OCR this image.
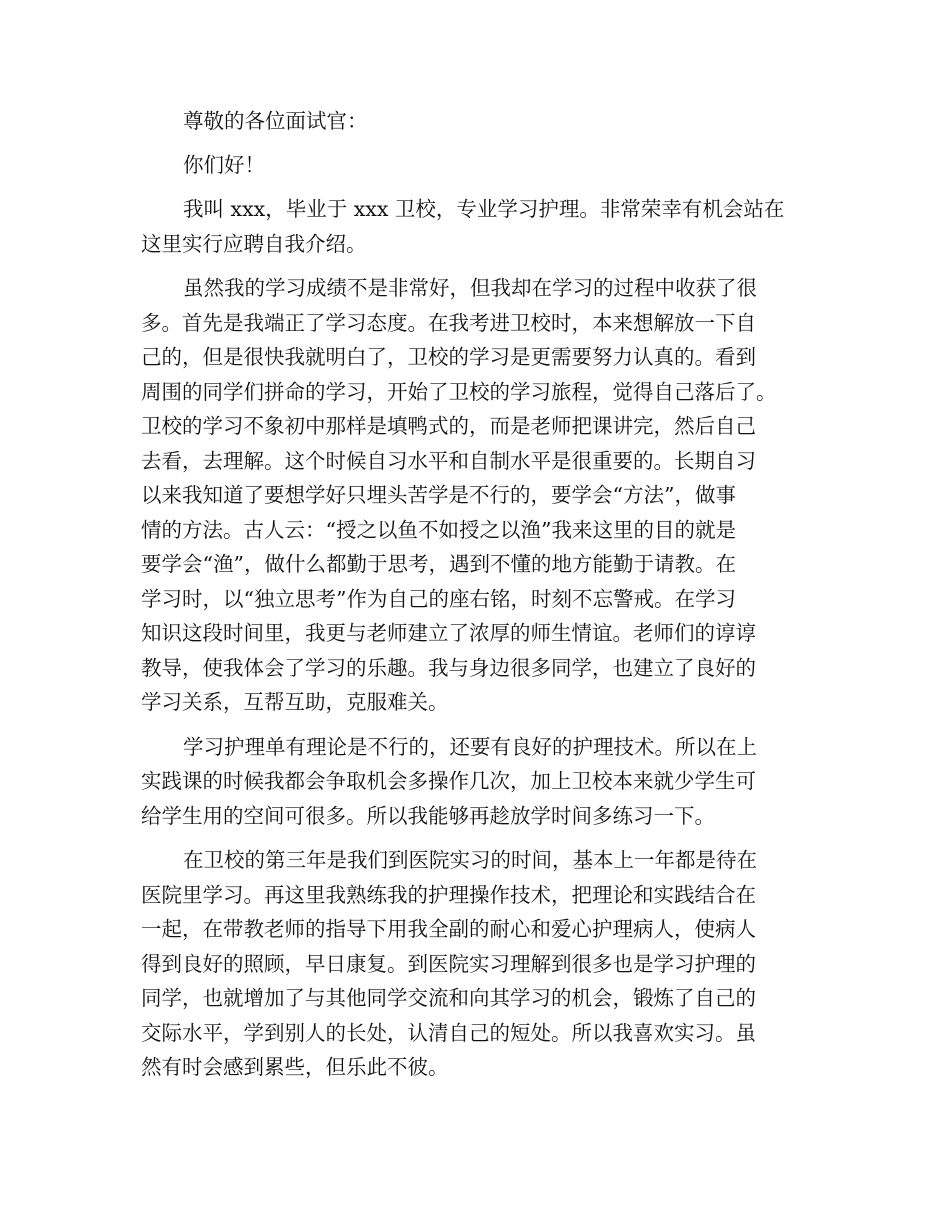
尊敬的各位面试官：
你们好！
我叫 xxx，毕业于 xxx 卫校，专业学习护理。非常荣幸有机会站在
这里实行应聘自我介绍。
虽然我的学习成绩不是非常好，但我却在学习的过程中收获了很
多。首先是我端正了学习态度。在我考进卫校时，本来想解放一下自
己的，但是很快我就明白了，卫校的学习是更需要努力认真的。看到
周围的同学们拼命的学习，开始了卫校的学习旅程，觉得自己落后了。
卫校的学习不象初中那样是填鸭式的，而是老师把课讲完，然后自己
去看，去理解。这个时候自习水平和自制水平是很重要的。长期自习
以来我知道了要想学好只埋头苦学是不行的，要学会“方法”，做事
情的方法。古人云：“授之以鱼不如授之以渔”我来这里的目的就是
要学会“渔”，做什么都勤于思考，遇到不懂的地方能勤于请教。在
学习时，以“独立思考”作为自己的座右铭，时刻不忘警戒。在学习
知识这段时间里，我更与老师建立了浓厚的师生情谊。老师们的谆谆
教导，使我体会了学习的乐趣。我与身边很多同学，也建立了良好的
学习关系，互帮互助，克服难关。
学习护理单有理论是不行的，还要有良好的护理技术。所以在上
实践课的时候我都会争取机会多操作几次，加上卫校本来就少学生可
给学生用的空间可很多。所以我能够再趁放学时间多练习一下。
在卫校的第三年是我们到医院实习的时间，基本上一年都是待在
医院里学习。再这里我熟练我的护理操作技术，把理论和实践结合在
一起，在带教老师的指导下用我全副的耐心和爱心护理病人，使病人
得到良好的照顾，早日康复。到医院实习理解到很多也是学习护理的
同学，也就增加了与其他同学交流和向其学习的机会，锻炼了自己的
交际水平，学到别人的长处，认清自己的短处。所以我喜欢实习。虽
然有时会感到累些，但乐此不彼。
